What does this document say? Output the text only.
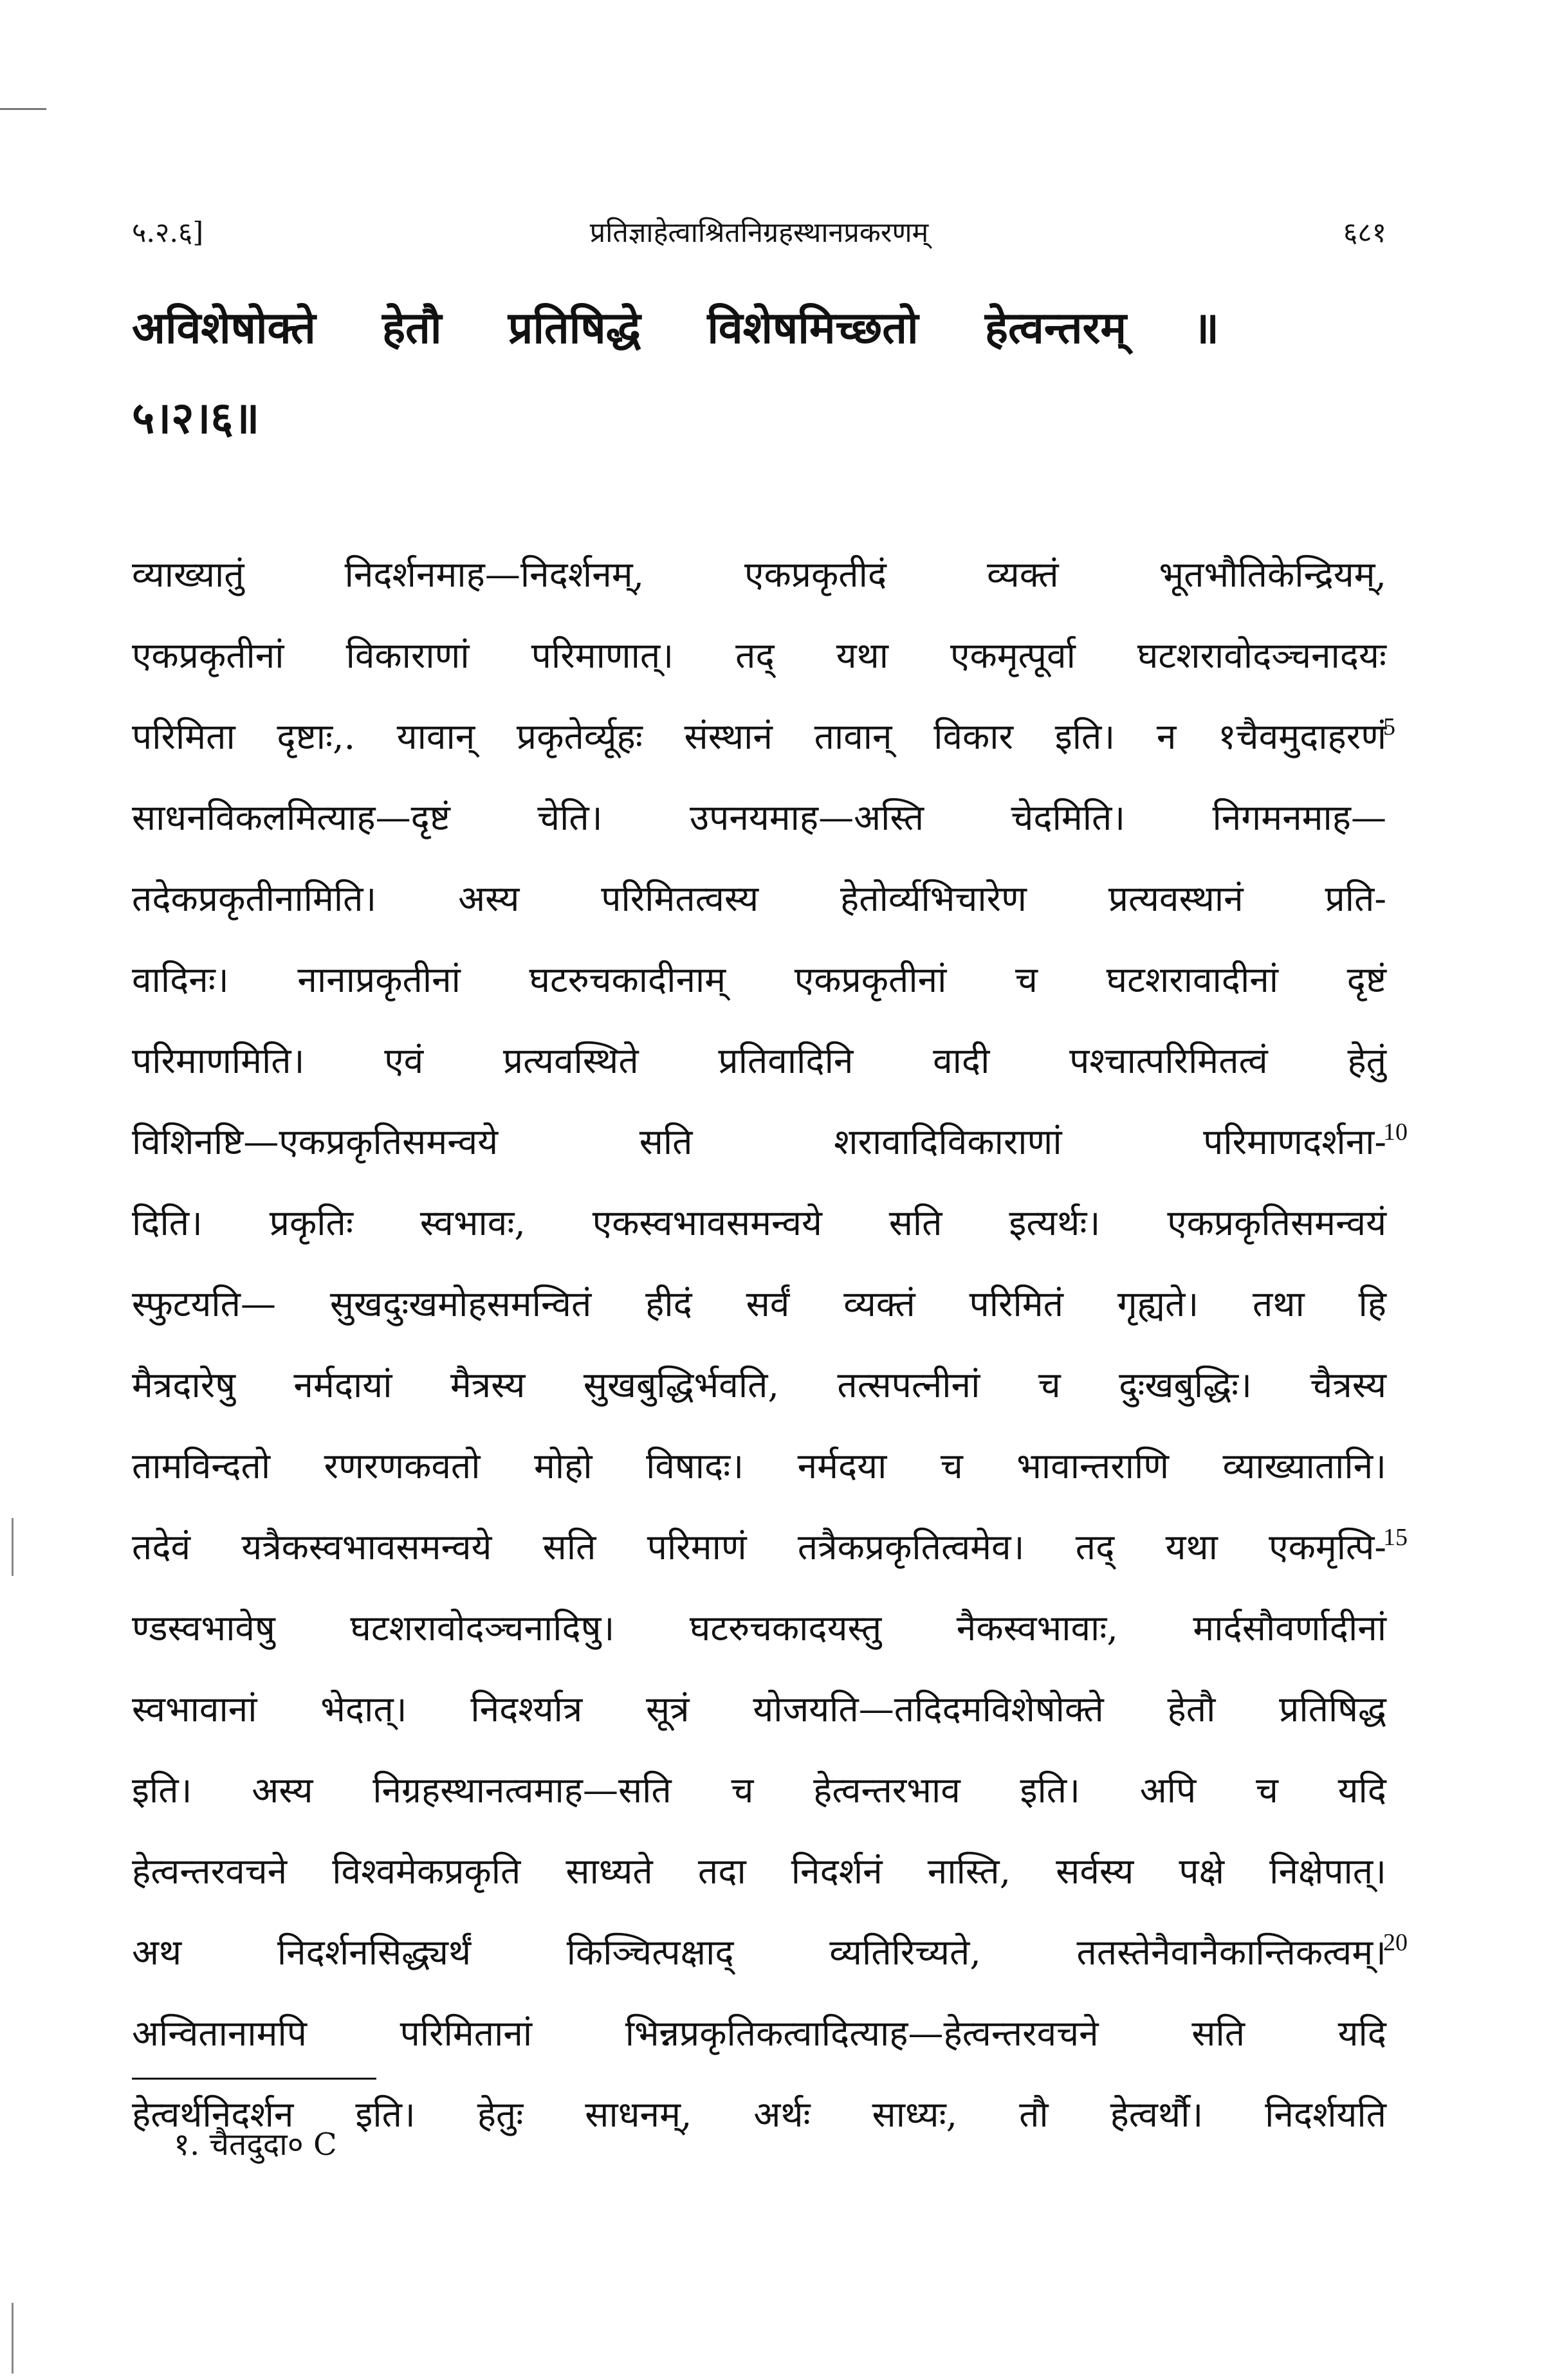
५.२.६]	प्रतिज्ञाहेत्वाश्रितनिग्रहस्थानप्रकरणम्	६८१
अविशेषोक्ते हेतौ प्रतिषिद्धे विशेषमिच्छतो हेत्वन्तरम् ॥
५।२।६॥
व्याख्यातुं निदर्शनमाह—निदर्शनम्, एकप्रकृतीदं व्यक्तं भूतभौतिकेन्द्रियम्,
एकप्रकृतीनां विकाराणां परिमाणात्। तद् यथा एकमृत्पूर्वा घटशरावोदञ्चनादयः
परिमिता दृष्टाः,. यावान् प्रकृतेर्व्यूहः संस्थानं तावान् विकार इति। न १चैवमुदाहरणं
साधनविकलमित्याह—दृष्टं चेति। उपनयमाह—अस्ति चेदमिति। निगमनमाह—
तदेकप्रकृतीनामिति। अस्य परिमितत्वस्य हेतोर्व्यभिचारेण प्रत्यवस्थानं प्रति-
वादिनः। नानाप्रकृतीनां घटरुचकादीनाम् एकप्रकृतीनां च घटशरावादीनां दृष्टं
परिमाणमिति। एवं प्रत्यवस्थिते प्रतिवादिनि वादी पश्चात्परिमितत्वं हेतुं
विशिनष्टि—एकप्रकृतिसमन्वये सति शरावादिविकाराणां परिमाणदर्शना-
दिति। प्रकृतिः स्वभावः, एकस्वभावसमन्वये सति इत्यर्थः। एकप्रकृतिसमन्वयं
स्फुटयति— सुखदुःखमोहसमन्वितं हीदं सर्वं व्यक्तं परिमितं गृह्यते। तथा हि
मैत्रदारेषु नर्मदायां मैत्रस्य सुखबुद्धिर्भवति, तत्सपत्नीनां च दुःखबुद्धिः। चैत्रस्य
तामविन्दतो रणरणकवतो मोहो विषादः। नर्मदया च भावान्तराणि व्याख्यातानि।
तदेवं यत्रैकस्वभावसमन्वये सति परिमाणं तत्रैकप्रकृतित्वमेव। तद् यथा एकमृत्पि-
ण्डस्वभावेषु घटशरावोदञ्चनादिषु। घटरुचकादयस्तु नैकस्वभावाः, मार्दसौवर्णादीनां
स्वभावानां भेदात्। निदर्श्यात्र सूत्रं योजयति—तदिदमविशेषोक्ते हेतौ प्रतिषिद्ध
इति। अस्य निग्रहस्थानत्वमाह—सति च हेत्वन्तरभाव इति। अपि च यदि
हेत्वन्तरवचने विश्वमेकप्रकृति साध्यते तदा निदर्शनं नास्ति, सर्वस्य पक्षे निक्षेपात्।
अथ निदर्शनसिद्ध्यर्थं किञ्चित्पक्षाद् व्यतिरिच्यते, ततस्तेनैवानैकान्तिकत्वम्।
अन्वितानामपि परिमितानां भिन्नप्रकृतिकत्वादित्याह—हेत्वन्तरवचने सति यदि
हेत्वर्थनिदर्शन इति। हेतुः साधनम्, अर्थः साध्यः, तौ हेत्वर्थौ। निदर्शयति
5
10
15
20
१. चैतदुदा० C
